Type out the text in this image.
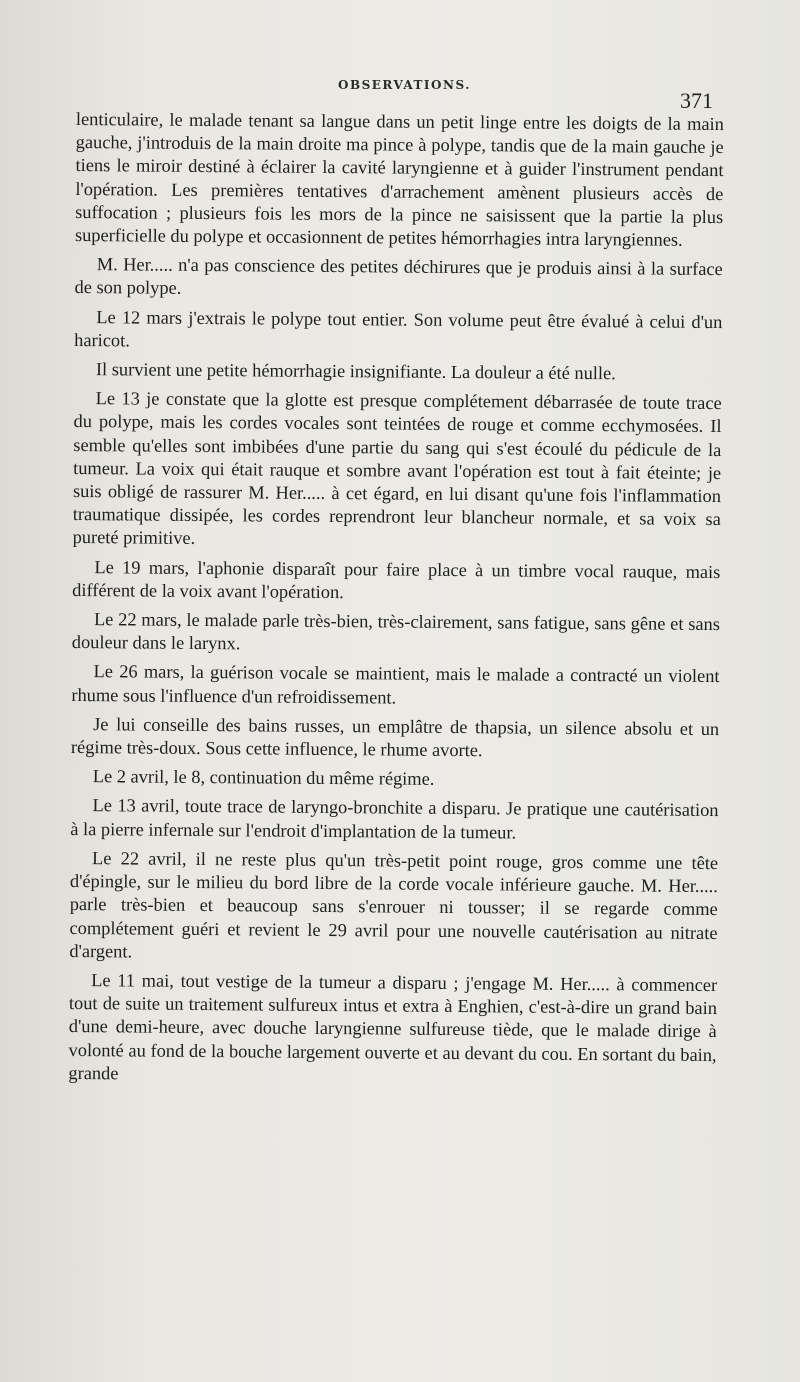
OBSERVATIONS.
371

lenticulaire, le malade tenant sa langue dans un petit linge entre les doigts de la main gauche, j'introduis de la main droite ma pince à polype, tandis que de la main gauche je tiens le miroir destiné à éclairer la cavité laryngienne et à guider l'instrument pendant l'opération. Les premières tentatives d'arrachement amènent plusieurs accès de suffocation ; plusieurs fois les mors de la pince ne saisissent que la partie la plus superficielle du polype et occasionnent de petites hémorrhagies intra laryngiennes.

M. Her..... n'a pas conscience des petites déchirures que je produis ainsi à la surface de son polype.

Le 12 mars j'extrais le polype tout entier. Son volume peut être évalué à celui d'un haricot.

Il survient une petite hémorrhagie insignifiante. La douleur a été nulle.

Le 13 je constate que la glotte est presque complétement débarrasée de toute trace du polype, mais les cordes vocales sont teintées de rouge et comme ecchymosées. Il semble qu'elles sont imbibées d'une partie du sang qui s'est écoulé du pédicule de la tumeur. La voix qui était rauque et sombre avant l'opération est tout à fait éteinte; je suis obligé de rassurer M. Her..... à cet égard, en lui disant qu'une fois l'inflammation traumatique dissipée, les cordes reprendront leur blancheur normale, et sa voix sa pureté primitive.

Le 19 mars, l'aphonie disparaît pour faire place à un timbre vocal rauque, mais différent de la voix avant l'opération.

Le 22 mars, le malade parle très-bien, très-clairement, sans fatigue, sans gêne et sans douleur dans le larynx.

Le 26 mars, la guérison vocale se maintient, mais le malade a contracté un violent rhume sous l'influence d'un refroidissement.

Je lui conseille des bains russes, un emplâtre de thapsia, un silence absolu et un régime très-doux. Sous cette influence, le rhume avorte.

Le 2 avril, le 8, continuation du même régime.

Le 13 avril, toute trace de laryngo-bronchite a disparu. Je pratique une cautérisation à la pierre infernale sur l'endroit d'implantation de la tumeur.

Le 22 avril, il ne reste plus qu'un très-petit point rouge, gros comme une tête d'épingle, sur le milieu du bord libre de la corde vocale inférieure gauche. M. Her..... parle très-bien et beaucoup sans s'enrouer ni tousser; il se regarde comme complétement guéri et revient le 29 avril pour une nouvelle cautérisation au nitrate d'argent.

Le 11 mai, tout vestige de la tumeur a disparu ; j'engage M. Her..... à commencer tout de suite un traitement sulfureux intus et extra à Enghien, c'est-à-dire un grand bain d'une demi-heure, avec douche laryngienne sulfureuse tiède, que le malade dirige à volonté au fond de la bouche largement ouverte et au devant du cou. En sortant du bain, grande
